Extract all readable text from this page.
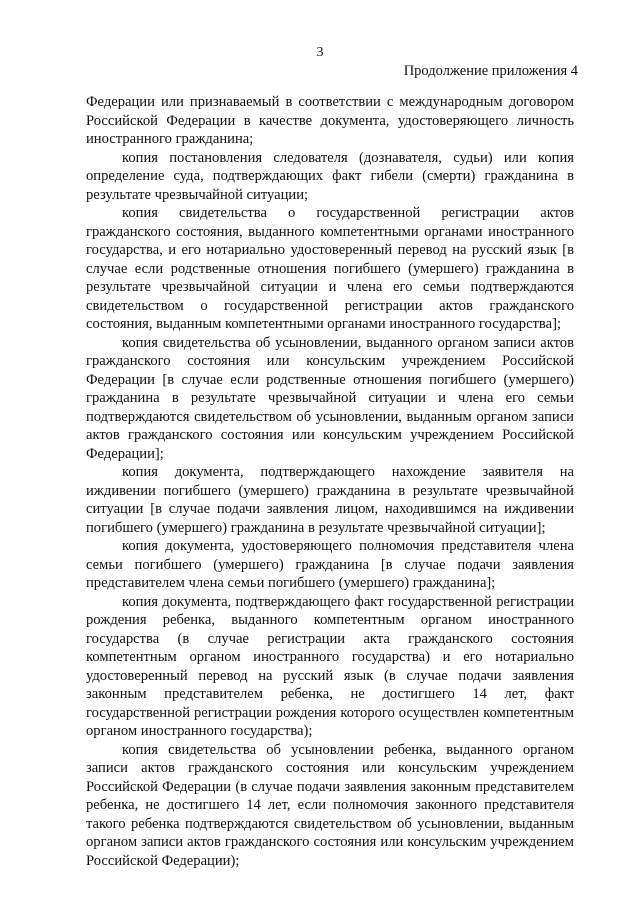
3
Продолжение приложения 4

Федерации или признаваемый в соответствии с международным договором Российской Федерации в качестве документа, удостоверяющего личность иностранного гражданина;

копия постановления следователя (дознавателя, судьи) или копия определение суда, подтверждающих факт гибели (смерти) гражданина в результате чрезвычайной ситуации;

копия свидетельства о государственной регистрации актов гражданского состояния, выданного компетентными органами иностранного государства, и его нотариально удостоверенный перевод на русский язык [в случае если родственные отношения погибшего (умершего) гражданина в результате чрезвычайной ситуации и члена его семьи подтверждаются свидетельством о государственной регистрации актов гражданского состояния, выданным компетентными органами иностранного государства];

копия свидетельства об усыновлении, выданного органом записи актов гражданского состояния или консульским учреждением Российской Федерации [в случае если родственные отношения погибшего (умершего) гражданина в результате чрезвычайной ситуации и члена его семьи подтверждаются свидетельством об усыновлении, выданным органом записи актов гражданского состояния или консульским учреждением Российской Федерации];

копия документа, подтверждающего нахождение заявителя на иждивении погибшего (умершего) гражданина в результате чрезвычайной ситуации [в случае подачи заявления лицом, находившимся на иждивении погибшего (умершего) гражданина в результате чрезвычайной ситуации];

копия документа, удостоверяющего полномочия представителя члена семьи погибшего (умершего) гражданина [в случае подачи заявления представителем члена семьи погибшего (умершего) гражданина];

копия документа, подтверждающего факт государственной регистрации рождения ребенка, выданного компетентным органом иностранного государства (в случае регистрации акта гражданского состояния компетентным органом иностранного государства) и его нотариально удостоверенный перевод на русский язык (в случае подачи заявления законным представителем ребенка, не достигшего 14 лет, факт государственной регистрации рождения которого осуществлен компетентным органом иностранного государства);

копия свидетельства об усыновлении ребенка, выданного органом записи актов гражданского состояния или консульским учреждением Российской Федерации (в случае подачи заявления законным представителем ребенка, не достигшего 14 лет, если полномочия законного представителя такого ребенка подтверждаются свидетельством об усыновлении, выданным органом записи актов гражданского состояния или консульским учреждением Российской Федерации);
